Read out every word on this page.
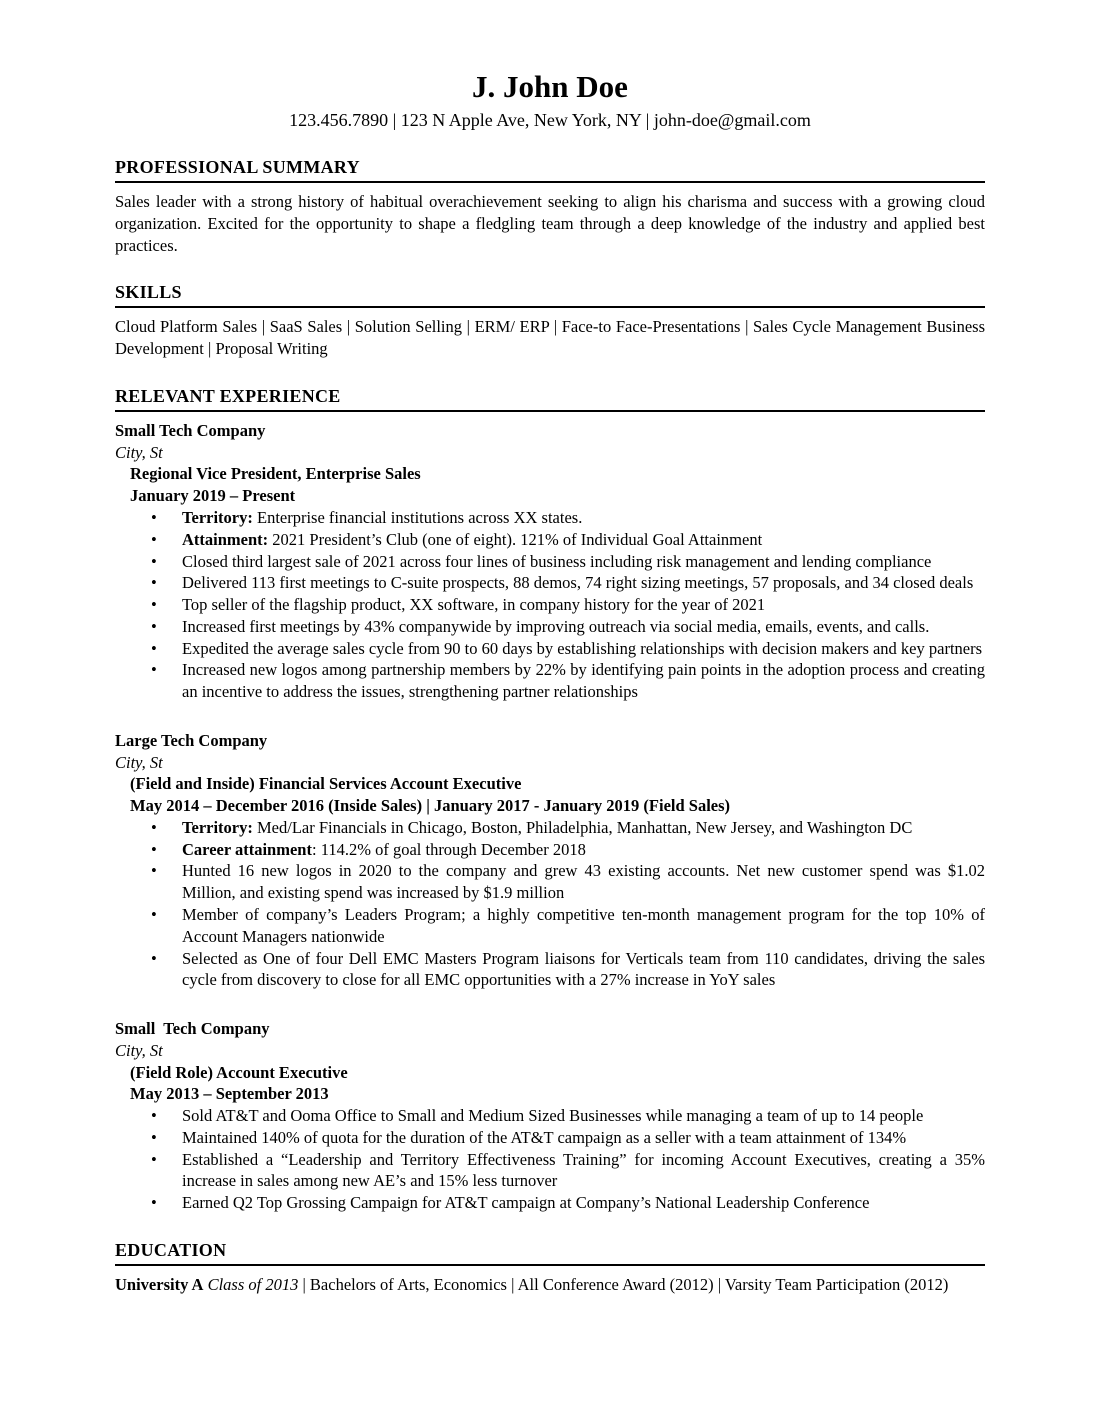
J. John Doe
123.456.7890 | 123 N Apple Ave, New York, NY | john-doe@gmail.com
PROFESSIONAL SUMMARY
Sales leader with a strong history of habitual overachievement seeking to align his charisma and success with a growing cloud organization. Excited for the opportunity to shape a fledgling team through a deep knowledge of the industry and applied best practices.
SKILLS
Cloud Platform Sales | SaaS Sales | Solution Selling | ERM/ ERP | Face-to Face-Presentations | Sales Cycle Management Business Development | Proposal Writing
RELEVANT EXPERIENCE
Small Tech Company
City, St
Regional Vice President, Enterprise Sales
January 2019 – Present
• Territory: Enterprise financial institutions across XX states.
• Attainment: 2021 President’s Club (one of eight). 121% of Individual Goal Attainment
• Closed third largest sale of 2021 across four lines of business including risk management and lending compliance
• Delivered 113 first meetings to C-suite prospects, 88 demos, 74 right sizing meetings, 57 proposals, and 34 closed deals
• Top seller of the flagship product, XX software, in company history for the year of 2021
• Increased first meetings by 43% companywide by improving outreach via social media, emails, events, and calls.
• Expedited the average sales cycle from 90 to 60 days by establishing relationships with decision makers and key partners
• Increased new logos among partnership members by 22% by identifying pain points in the adoption process and creating an incentive to address the issues, strengthening partner relationships
Large Tech Company
City, St
(Field and Inside) Financial Services Account Executive
May 2014 – December 2016 (Inside Sales) | January 2017 - January 2019 (Field Sales)
• Territory: Med/Lar Financials in Chicago, Boston, Philadelphia, Manhattan, New Jersey, and Washington DC
• Career attainment: 114.2% of goal through December 2018
• Hunted 16 new logos in 2020 to the company and grew 43 existing accounts. Net new customer spend was $1.02 Million, and existing spend was increased by $1.9 million
• Member of company’s Leaders Program; a highly competitive ten-month management program for the top 10% of Account Managers nationwide
• Selected as One of four Dell EMC Masters Program liaisons for Verticals team from 110 candidates, driving the sales cycle from discovery to close for all EMC opportunities with a 27% increase in YoY sales
Small  Tech Company
City, St
(Field Role) Account Executive
May 2013 – September 2013
• Sold AT&T and Ooma Office to Small and Medium Sized Businesses while managing a team of up to 14 people
• Maintained 140% of quota for the duration of the AT&T campaign as a seller with a team attainment of 134%
• Established a “Leadership and Territory Effectiveness Training” for incoming Account Executives, creating a 35% increase in sales among new AE’s and 15% less turnover
• Earned Q2 Top Grossing Campaign for AT&T campaign at Company’s National Leadership Conference
EDUCATION
University A Class of 2013 | Bachelors of Arts, Economics | All Conference Award (2012) | Varsity Team Participation (2012)
